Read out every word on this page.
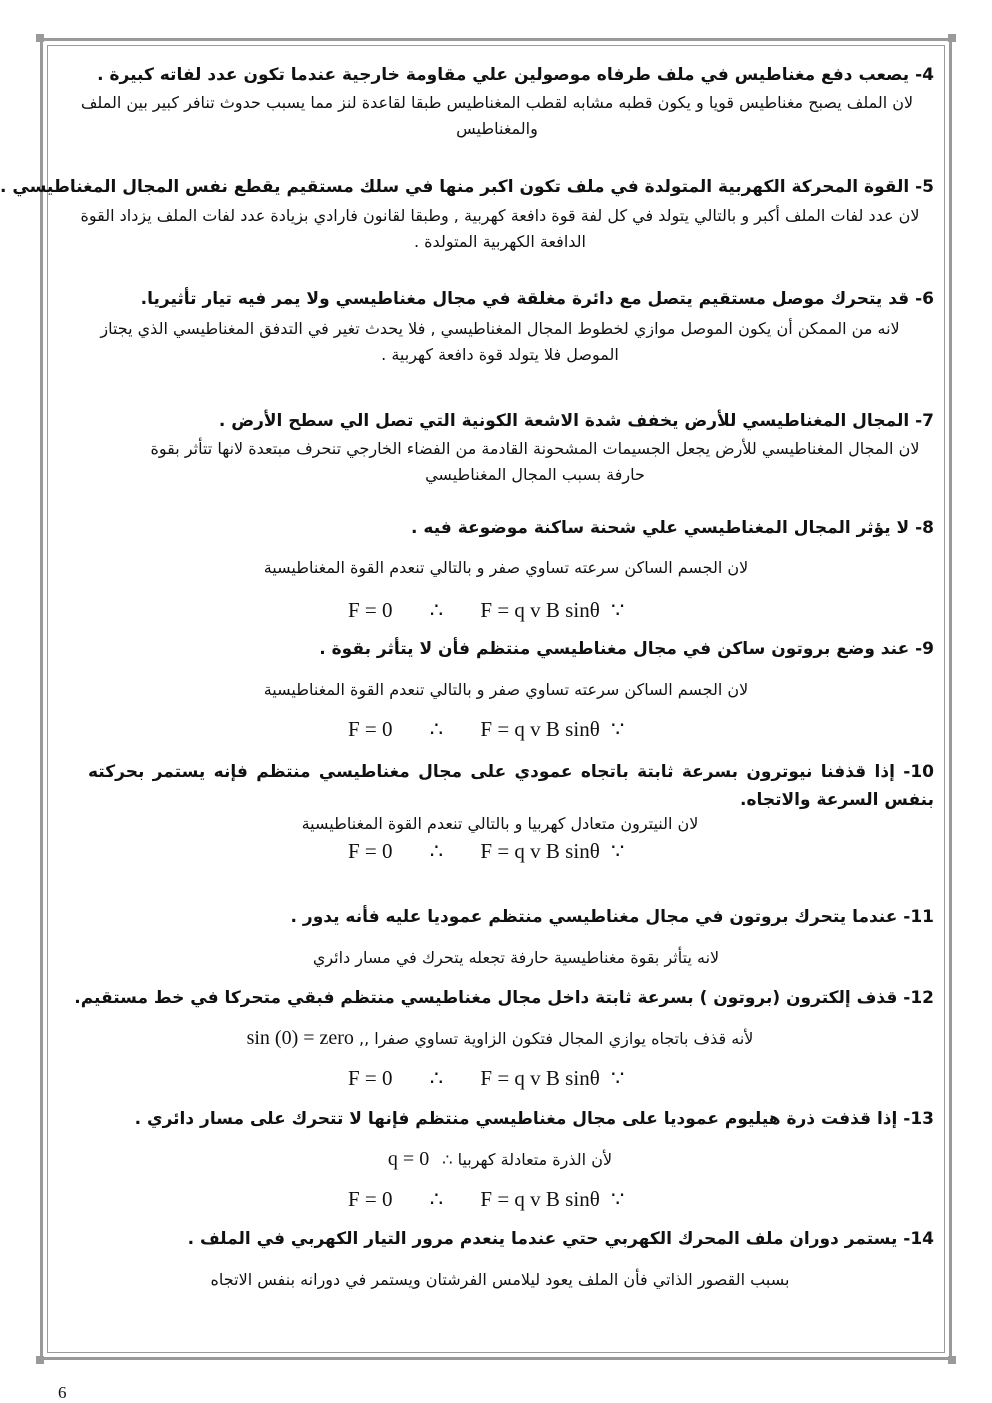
4- يصعب دفع مغناطيس في ملف طرفاه موصولين علي مقاومة خارجية عندما تكون عدد لفاته كبيرة .
لان الملف يصبح مغناطيس قويا و يكون قطبه مشابه لقطب المغناطيس طبقا لقاعدة لنز مما يسبب حدوث تنافر كبير بين الملف والمغناطيس
5- القوة المحركة الكهربية المتولدة في ملف تكون اكبر منها في سلك مستقيم يقطع نفس المجال المغناطيسي .
لان عدد لفات الملف أكبر و بالتالي يتولد في كل لفة قوة دافعة كهربية , وطبقا لقانون فارادي بزيادة عدد لفات الملف يزداد القوة الدافعة الكهربية المتولدة .
6- قد يتحرك موصل مستقيم يتصل مع دائرة مغلقة في مجال مغناطيسي ولا يمر فيه تيار تأثيريا.
لانه من الممكن أن يكون الموصل موازي لخطوط المجال المغناطيسي , فلا يحدث تغير في التدفق المغناطيسي الذي يجتاز الموصل فلا يتولد قوة دافعة كهربية .
7- المجال المغناطيسي للأرض يخفف شدة الاشعة الكونية التي تصل الي سطح الأرض .
لان المجال المغناطيسي للأرض يجعل الجسيمات المشحونة القادمة من الفضاء الخارجي تنحرف مبتعدة لانها تتأثر بقوة حارفة بسبب المجال المغناطيسي
8- لا يؤثر المجال المغناطيسي علي شحنة ساكنة موضوعة فيه .
لان الجسم الساكن سرعته تساوي صفر و بالتالي تنعدم القوة المغناطيسية
F = 0 ∴ F = q v B sinθ ∵
9- عند وضع بروتون ساكن في مجال مغناطيسي منتظم فأن لا يتأثر بقوة .
لان الجسم الساكن سرعته تساوي صفر و بالتالي تنعدم القوة المغناطيسية
F = 0 ∴ F = q v B sinθ ∵
10- إذا قذفنا نيوترون بسرعة ثابتة باتجاه عمودي على مجال مغناطيسي منتظم فإنه يستمر بحركته بنفس السرعة والاتجاه.
لان النيترون متعادل كهربيا و بالتالي تنعدم القوة المغناطيسية
F = 0 ∴ F = q v B sinθ ∵
11- عندما يتحرك بروتون في مجال مغناطيسي منتظم عموديا عليه فأنه يدور .
لانه يتأثر بقوة مغناطيسية حارفة تجعله يتحرك في مسار دائري
12- قذف إلكترون (بروتون ) بسرعة ثابتة داخل مجال مغناطيسي منتظم فبقي متحركا في خط مستقيم.
sin (0) = zero لأنه قذف باتجاه يوازي المجال فتكون الزاوية تساوي صفرا ,,
F = 0 ∴ F = q v B sinθ ∵
13- إذا قذفت ذرة هيليوم عموديا على مجال مغناطيسي منتظم فإنها لا تتحرك على مسار دائري .
q = 0 لأن الذرة متعادلة كهربيا ∴
F = 0 ∴ F = q v B sinθ ∵
14- يستمر دوران ملف المحرك الكهربي حتي عندما ينعدم مرور التيار الكهربي في الملف .
بسبب القصور الذاتي فأن الملف يعود ليلامس الفرشتان ويستمر في دورانه بنفس الاتجاه
6
